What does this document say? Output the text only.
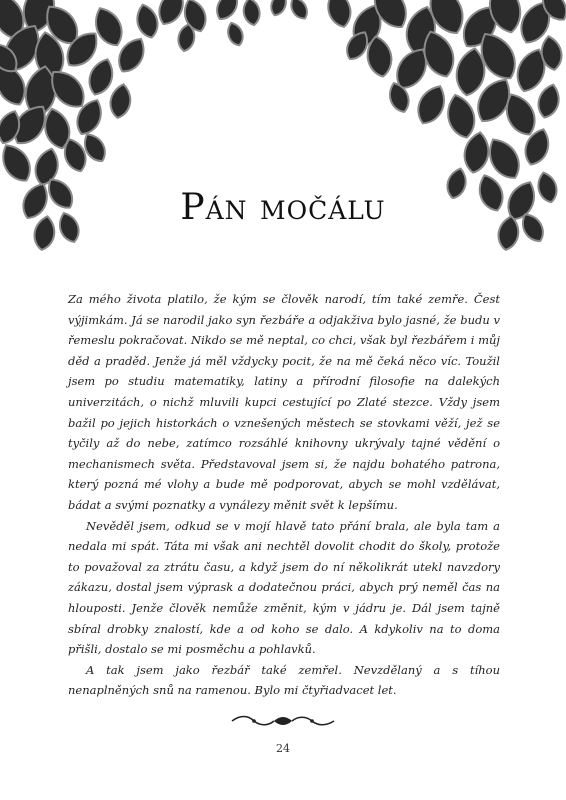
Pán močálu

Za mého života platilo, že kým se člověk narodí, tím také zemře. Čest výjimkám. Já se narodil jako syn řezbáře a odjakživa bylo jasné, že budu v řemeslu pokračovat. Nikdo se mě neptal, co chci, však byl řezbářem i můj děd a praděd. Jenže já měl vždycky pocit, že na mě čeká něco víc. Toužil jsem po studiu matematiky, latiny a přírodní filosofie na dalekých univerzitách, o nichž mluvili kupci cestující po Zlaté stezce. Vždy jsem bažil po jejich historkách o vznešených městech se stovkami věží, jež se tyčily až do nebe, zatímco rozsáhlé knihovny ukrývaly tajné vědění o mechanismech světa. Představoval jsem si, že najdu bohatého patrona, který pozná mé vlohy a bude mě podporovat, abych se mohl vzdělávat, bádat a svými poznatky a vynálezy měnit svět k lepšímu.

Nevěděl jsem, odkud se v mojí hlavě tato přání brala, ale byla tam a nedala mi spát. Táta mi však ani nechtěl dovolit chodit do školy, protože to považoval za ztrátu času, a když jsem do ní několikrát utekl navzdory zákazu, dostal jsem výprask a dodatečnou práci, abych prý neměl čas na hlouposti. Jenže člověk nemůže změnit, kým v jádru je. Dál jsem tajně sbíral drobky znalostí, kde a od koho se dalo. A kdykoliv na to doma přišli, dostalo se mi posměchu a pohlavků.

A tak jsem jako řezbář také zemřel. Nevzdělaný a s tíhou nenaplněných snů na ramenou. Bylo mi čtyřiadvacet let.

24
